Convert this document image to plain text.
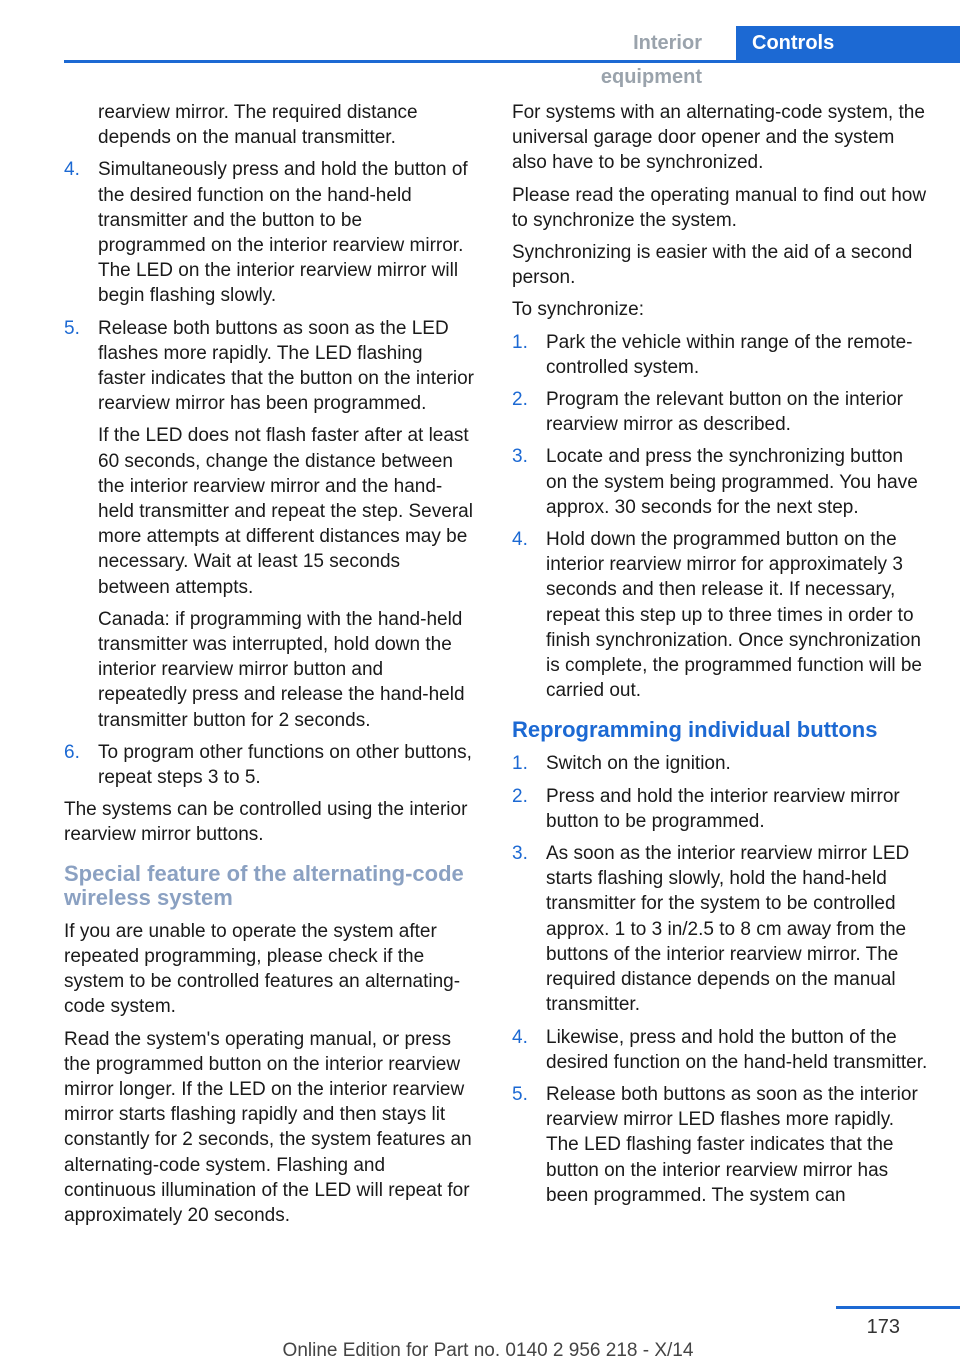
Interior equipment
Controls
rearview mirror. The required distance depends on the manual transmitter.
4. Simultaneously press and hold the button of the desired function on the hand-held transmitter and the button to be programmed on the interior rearview mirror. The LED on the interior rearview mirror will begin flashing slowly.
5. Release both buttons as soon as the LED flashes more rapidly. The LED flashing faster indicates that the button on the interior rearview mirror has been programmed.
If the LED does not flash faster after at least 60 seconds, change the distance between the interior rearview mirror and the hand-held transmitter and repeat the step. Several more attempts at different distances may be necessary. Wait at least 15 seconds between attempts.
Canada: if programming with the hand-held transmitter was interrupted, hold down the interior rearview mirror button and repeatedly press and release the hand-held transmitter button for 2 seconds.
6. To program other functions on other buttons, repeat steps 3 to 5.

The systems can be controlled using the interior rearview mirror buttons.

Special feature of the alternating-code wireless system

If you are unable to operate the system after repeated programming, please check if the system to be controlled features an alternating-code system.

Read the system's operating manual, or press the programmed button on the interior rearview mirror longer. If the LED on the interior rearview mirror starts flashing rapidly and then stays lit constantly for 2 seconds, the system features an alternating-code system. Flashing and continuous illumination of the LED will repeat for approximately 20 seconds.

For systems with an alternating-code system, the universal garage door opener and the system also have to be synchronized.

Please read the operating manual to find out how to synchronize the system.

Synchronizing is easier with the aid of a second person.

To synchronize:

1. Park the vehicle within range of the remote-controlled system.
2. Program the relevant button on the interior rearview mirror as described.
3. Locate and press the synchronizing button on the system being programmed. You have approx. 30 seconds for the next step.
4. Hold down the programmed button on the interior rearview mirror for approximately 3 seconds and then release it. If necessary, repeat this step up to three times in order to finish synchronization. Once synchronization is complete, the programmed function will be carried out.
Reprogramming individual buttons
1. Switch on the ignition.
2. Press and hold the interior rearview mirror button to be programmed.
3. As soon as the interior rearview mirror LED starts flashing slowly, hold the hand-held transmitter for the system to be controlled approx. 1 to 3 in/2.5 to 8 cm away from the buttons of the interior rearview mirror. The required distance depends on the manual transmitter.
4. Likewise, press and hold the button of the desired function on the hand-held transmitter.
5. Release both buttons as soon as the interior rearview mirror LED flashes more rapidly. The LED flashing faster indicates that the button on the interior rearview mirror has been programmed. The system can
173
Online Edition for Part no. 0140 2 956 218 - X/14
